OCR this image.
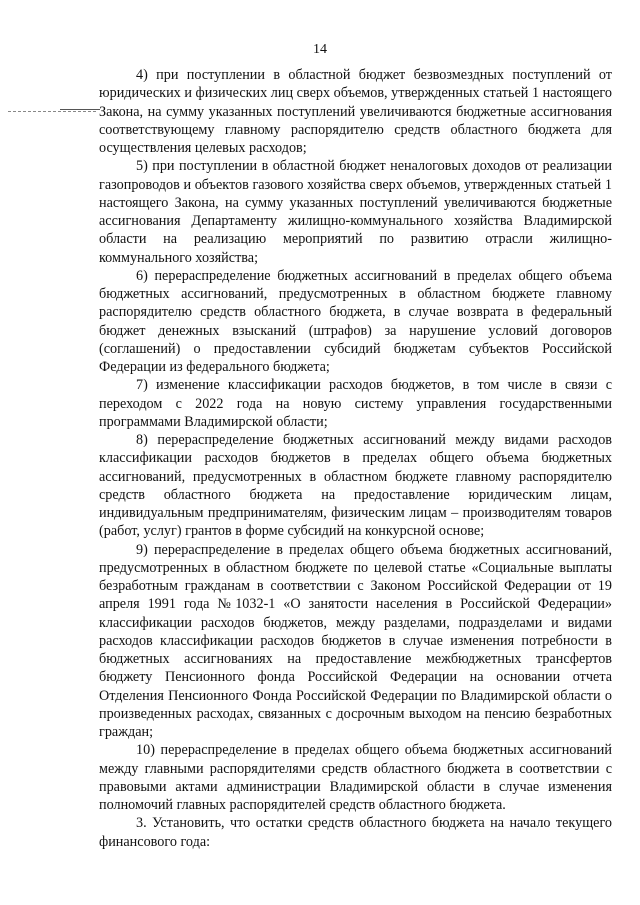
14

4) при поступлении в областной бюджет безвозмездных поступлений от юридических и физических лиц сверх объемов, утвержденных статьей 1 настоящего Закона, на сумму указанных поступлений увеличиваются бюджетные ассигнования соответствующему главному распорядителю средств областного бюджета для осуществления целевых расходов;

5) при поступлении в областной бюджет неналоговых доходов от реализации газопроводов и объектов газового хозяйства сверх объемов, утвержденных статьей 1 настоящего Закона, на сумму указанных поступлений увеличиваются бюджетные ассигнования Департаменту жилищно-коммунального хозяйства Владимирской области на реализацию мероприятий по развитию отрасли жилищно-коммунального хозяйства;

6) перераспределение бюджетных ассигнований в пределах общего объема бюджетных ассигнований, предусмотренных в областном бюджете главному распорядителю средств областного бюджета, в случае возврата в федеральный бюджет денежных взысканий (штрафов) за нарушение условий договоров (соглашений) о предоставлении субсидий бюджетам субъектов Российской Федерации из федерального бюджета;

7) изменение классификации расходов бюджетов, в том числе в связи с переходом с 2022 года на новую систему управления государственными программами Владимирской области;

8) перераспределение бюджетных ассигнований между видами расходов классификации расходов бюджетов в пределах общего объема бюджетных ассигнований, предусмотренных в областном бюджете главному распорядителю средств областного бюджета на предоставление юридическим лицам, индивидуальным предпринимателям, физическим лицам – производителям товаров (работ, услуг) грантов в форме субсидий на конкурсной основе;

9) перераспределение в пределах общего объема бюджетных ассигнований, предусмотренных в областном бюджете по целевой статье «Социальные выплаты безработным гражданам в соответствии с Законом Российской Федерации от 19 апреля 1991 года №1032-1 «О занятости населения в Российской Федерации» классификации расходов бюджетов, между разделами, подразделами и видами расходов классификации расходов бюджетов в случае изменения потребности в бюджетных ассигнованиях на предоставление межбюджетных трансфертов бюджету Пенсионного фонда Российской Федерации на основании отчета Отделения Пенсионного Фонда Российской Федерации по Владимирской области о произведенных расходах, связанных с досрочным выходом на пенсию безработных граждан;

10) перераспределение в пределах общего объема бюджетных ассигнований между главными распорядителями средств областного бюджета в соответствии с правовыми актами администрации Владимирской области в случае изменения полномочий главных распорядителей средств областного бюджета.

3. Установить, что остатки средств областного бюджета на начало текущего финансового года:
